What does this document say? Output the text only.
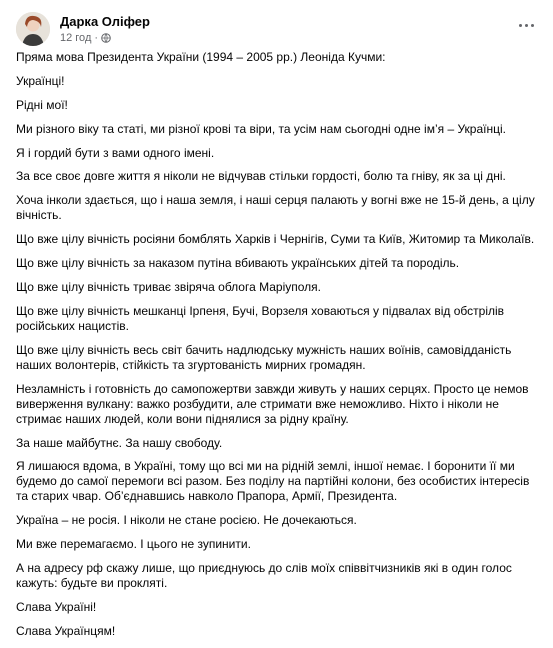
Дарка Оліфер
12 год ·

Пряма мова Президента України (1994 – 2005 рр.) Леоніда Кучми:

Українці!

Рідні мої!

Ми різного віку та статі, ми різної крові та віри, та усім нам сьогодні одне ім’я – Українці.

Я і гордий бути з вами одного імені.

За все своє довге життя я ніколи не відчував стільки гордості, болю та гніву, як за ці дні.

Хоча інколи здається, що і наша земля, і наші серця палають у вогні вже не 15-й день, а цілу вічність.

Що вже цілу вічність росіяни бомблять Харків і Чернігів, Суми та Київ, Житомир та Миколаїв.

Що вже цілу вічність за наказом путіна вбивають українських дітей та породіль.

Що вже цілу вічність триває звіряча облога Маріуполя.

Що вже цілу вічність мешканці Ірпеня, Бучі, Ворзеля ховаються у підвалах від обстрілів російських нацистів.

Що вже цілу вічність весь світ бачить надлюдську мужність наших воїнів, самовідданість наших волонтерів, стійкість та згуртованість мирних громадян.

Незламність і готовність до самопожертви завжди живуть у наших серцях. Просто це немов виверження вулкану: важко розбудити, але стримати вже неможливо. Ніхто і ніколи не стримає наших людей, коли вони піднялися за рідну країну.

За наше майбутнє. За нашу свободу.

Я лишаюся вдома, в Україні, тому що всі ми на рідній землі, іншої немає. І боронити її ми будемо до самої перемоги всі разом. Без поділу на партійні колони, без особистих інтересів та старих чвар. Об’єднавшись навколо Прапора, Армії, Президента.

Україна – не росія. І ніколи не стане росією. Не дочекаються.

Ми вже перемагаємо. І цього не зупинити.

А на адресу рф скажу лише, що приєднуюсь до слів моїх співвітчизників які в один голос кажуть: будьте ви прокляті.

Слава Україні!

Слава Українцям!
